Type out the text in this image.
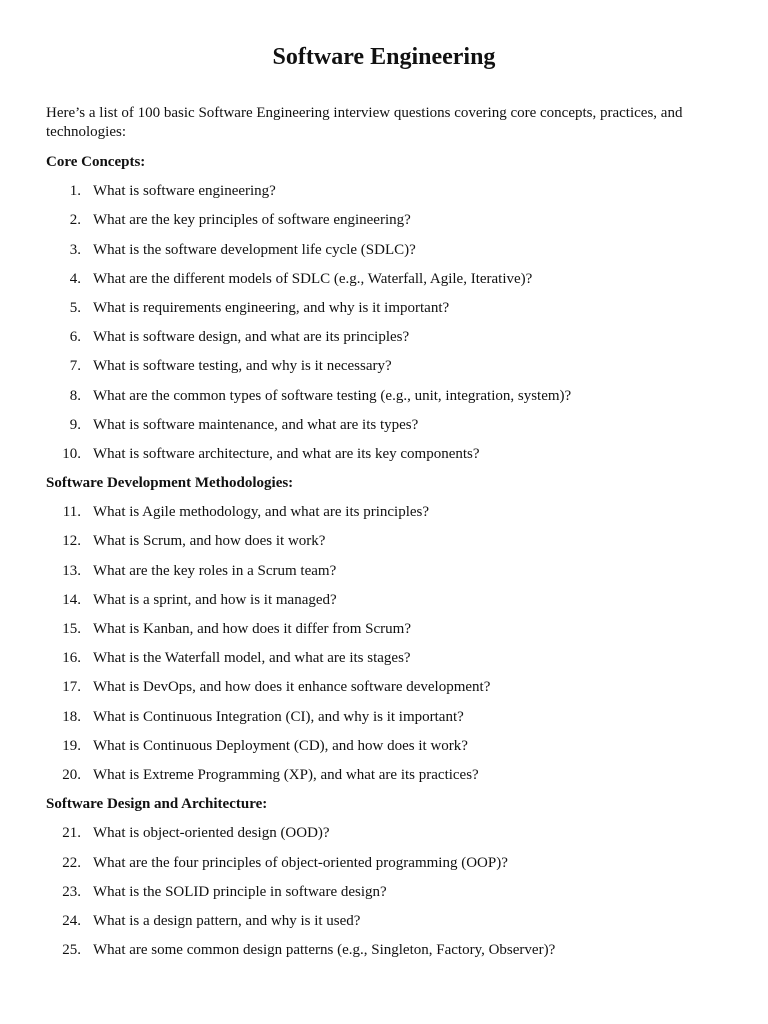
Software Engineering

Here’s a list of 100 basic Software Engineering interview questions covering core concepts, practices, and technologies:

Core Concepts:
1. What is software engineering?
2. What are the key principles of software engineering?
3. What is the software development life cycle (SDLC)?
4. What are the different models of SDLC (e.g., Waterfall, Agile, Iterative)?
5. What is requirements engineering, and why is it important?
6. What is software design, and what are its principles?
7. What is software testing, and why is it necessary?
8. What are the common types of software testing (e.g., unit, integration, system)?
9. What is software maintenance, and what are its types?
10. What is software architecture, and what are its key components?
Software Development Methodologies:
11. What is Agile methodology, and what are its principles?
12. What is Scrum, and how does it work?
13. What are the key roles in a Scrum team?
14. What is a sprint, and how is it managed?
15. What is Kanban, and how does it differ from Scrum?
16. What is the Waterfall model, and what are its stages?
17. What is DevOps, and how does it enhance software development?
18. What is Continuous Integration (CI), and why is it important?
19. What is Continuous Deployment (CD), and how does it work?
20. What is Extreme Programming (XP), and what are its practices?
Software Design and Architecture:
21. What is object-oriented design (OOD)?
22. What are the four principles of object-oriented programming (OOP)?
23. What is the SOLID principle in software design?
24. What is a design pattern, and why is it used?
25. What are some common design patterns (e.g., Singleton, Factory, Observer)?
